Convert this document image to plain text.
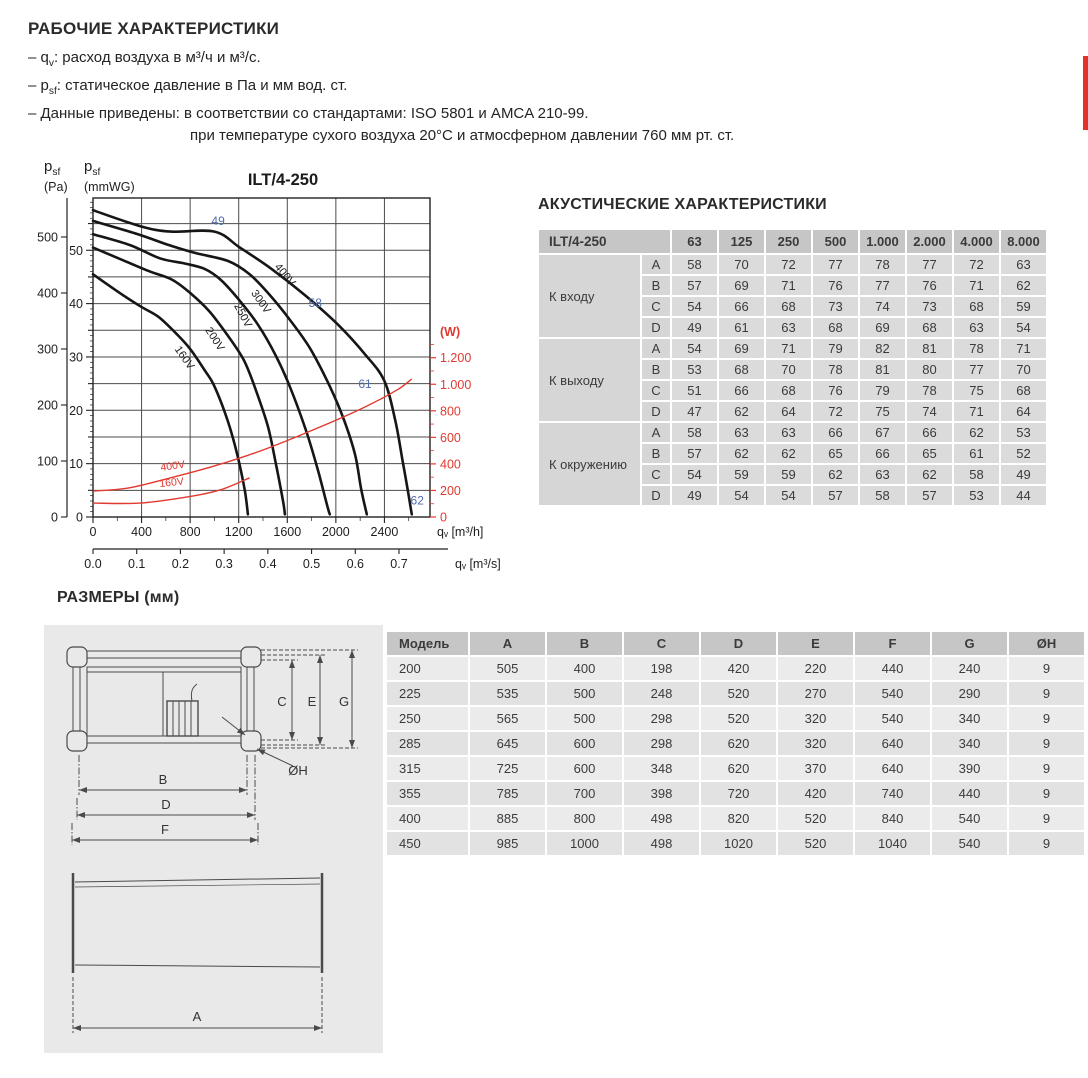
РАБОЧИЕ ХАРАКТЕРИСТИКИ
– $q_v$: расход воздуха в м³/ч и м³/с.
– $p_{sf}$: статическое давление в Па и мм вод. ст.
– Данные приведены: в соответствии со стандартами: ISO 5801 и AMCA 210-99.
при температуре сухого воздуха 20°С и атмосферном давлении 760 мм рт. ст.
$p_{sf}$
(Pa)
$p_{sf}$
(mmWG)	ILT/4-250
0
100
200
300
400
500
0
10
20
30
40
50
0	400 800 1200 1600 2000 2400	qᵥ [m³/h]
0
200
400
600
800
1.000
1.200
(W)
0.0 0.1 0.2 0.3 0.4 0.5 0.6 0.7	qᵥ [m³/s]
400V
300V
250V
200V
160V
400V
160V
49
58
61
62
АКУСТИЧЕСКИЕ ХАРАКТЕРИСТИКИ
ILT/4-250		63	125	250	500	1.000	2.000	4.000	8.000
К входу	A	58	70	72	77	78	77	72	63
	B	57	69	71	76	77	76	71	62
	C	54	66	68	73	74	73	68	59
	D	49	61	63	68	69	68	63	54
К выходу	A	54	69	71	79	82	81	78	71
	B	53	68	70	78	81	80	77	70
	C	51	66	68	76	79	78	75	68
	D	47	62	64	72	75	74	71	64
К окружению	A	58	63	63	66	67	66	62	53
	B	57	62	62	65	66	65	61	52
	C	54	59	59	62	63	62	58	49
	D	49	54	54	57	58	57	53	44
РАЗМЕРЫ (мм)
C E G
ØH
B
D
F
A
Модель	A	B	C	D	E	F	G	ØH
200	505	400	198	420	220	440	240	9
225	535	500	248	520	270	540	290	9
250	565	500	298	520	320	540	340	9
285	645	600	298	620	320	640	340	9
315	725	600	348	620	370	640	390	9
355	785	700	398	720	420	740	440	9
400	885	800	498	820	520	840	540	9
450	985	1000	498	1020	520	1040	540	9
